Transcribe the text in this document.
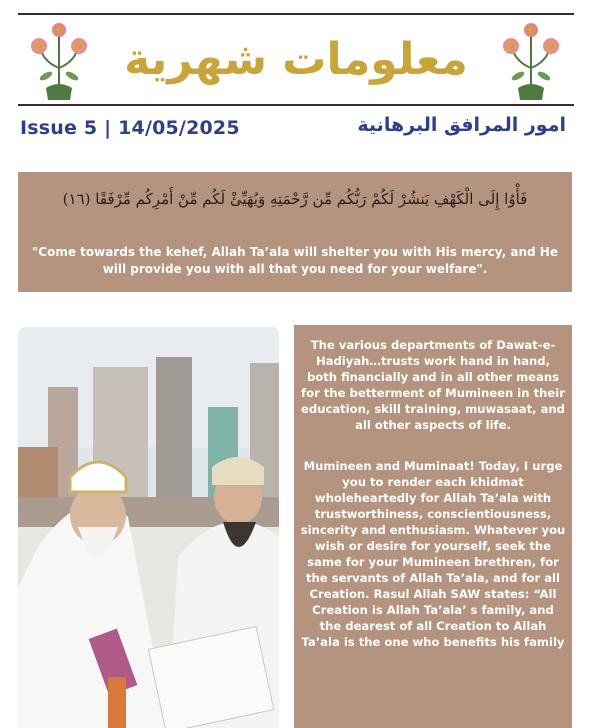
معلومات شهرية
Issue 5 | 14/05/2025	امور المرافق البرهانية
فَأْوُا إِلَى الْكَهْفِ يَنشُرْ لَكُمْ رَبُّكُم مِّن رَّحْمَتِهِ وَيُهَيِّئْ لَكُم مِّنْ أَمْرِكُم مِّرْفَقًا (١٦)
"Come towards the kehef, Allah Ta’ala will shelter you with His mercy, and He will provide you with all that you need for your welfare".

The various departments of Dawat-e-Hadiyah…trusts work hand in hand, both financially and in all other means for the betterment of Mumineen in their education, skill training, muwasaat, and all other aspects of life.

Mumineen and Muminaat! Today, I urge you to render each khidmat wholeheartedly for Allah Ta’ala with trustworthiness, conscientiousness, sincerity and enthusiasm. Whatever you wish or desire for yourself, seek the same for your Mumineen brethren, for the servants of Allah Ta’ala, and for all Creation. Rasul Allah SAW states: “All Creation is Allah Ta’ala’ s family, and the dearest of all Creation to Allah Ta’ala is the one who benefits his family
